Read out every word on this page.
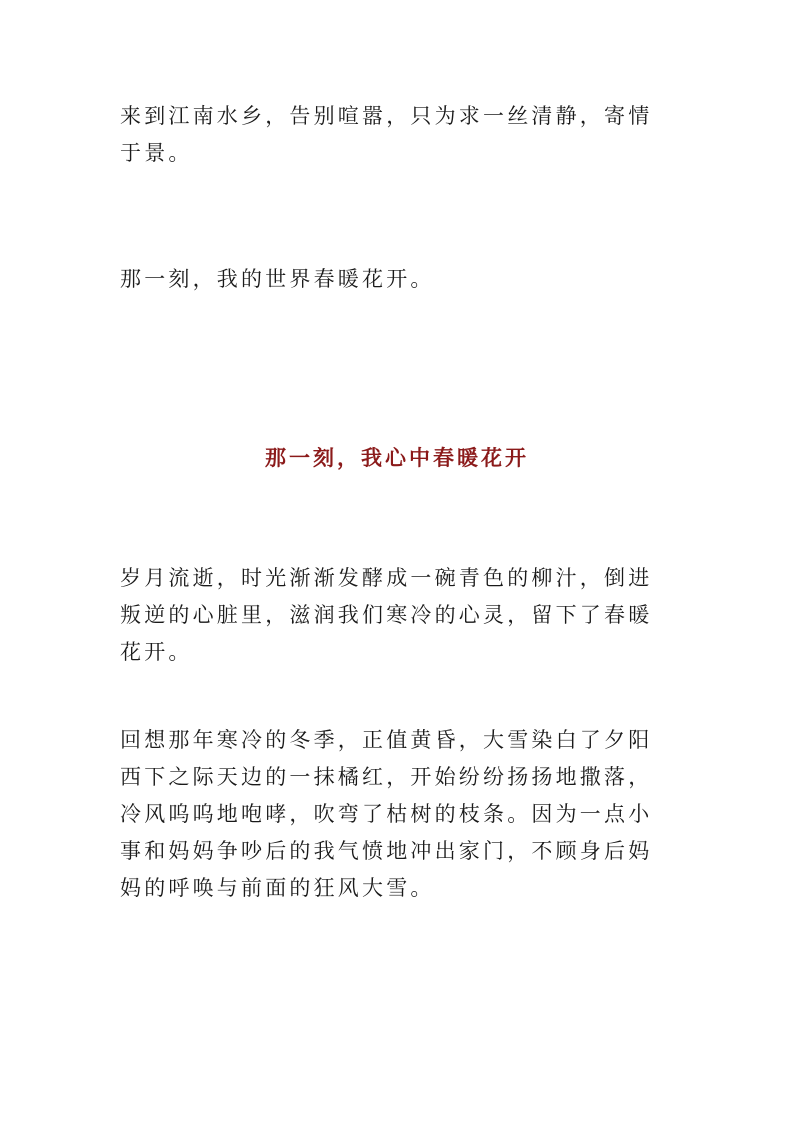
来到江南水乡，告别喧嚣，只为求一丝清静，寄情于景。

那一刻，我的世界春暖花开。

那一刻，我心中春暖花开

岁月流逝，时光渐渐发酵成一碗青色的柳汁，倒进叛逆的心脏里，滋润我们寒冷的心灵，留下了春暖花开。

回想那年寒冷的冬季，正值黄昏，大雪染白了夕阳西下之际天边的一抹橘红，开始纷纷扬扬地撒落，冷风呜呜地咆哮，吹弯了枯树的枝条。因为一点小事和妈妈争吵后的我气愤地冲出家门，不顾身后妈妈的呼唤与前面的狂风大雪。
